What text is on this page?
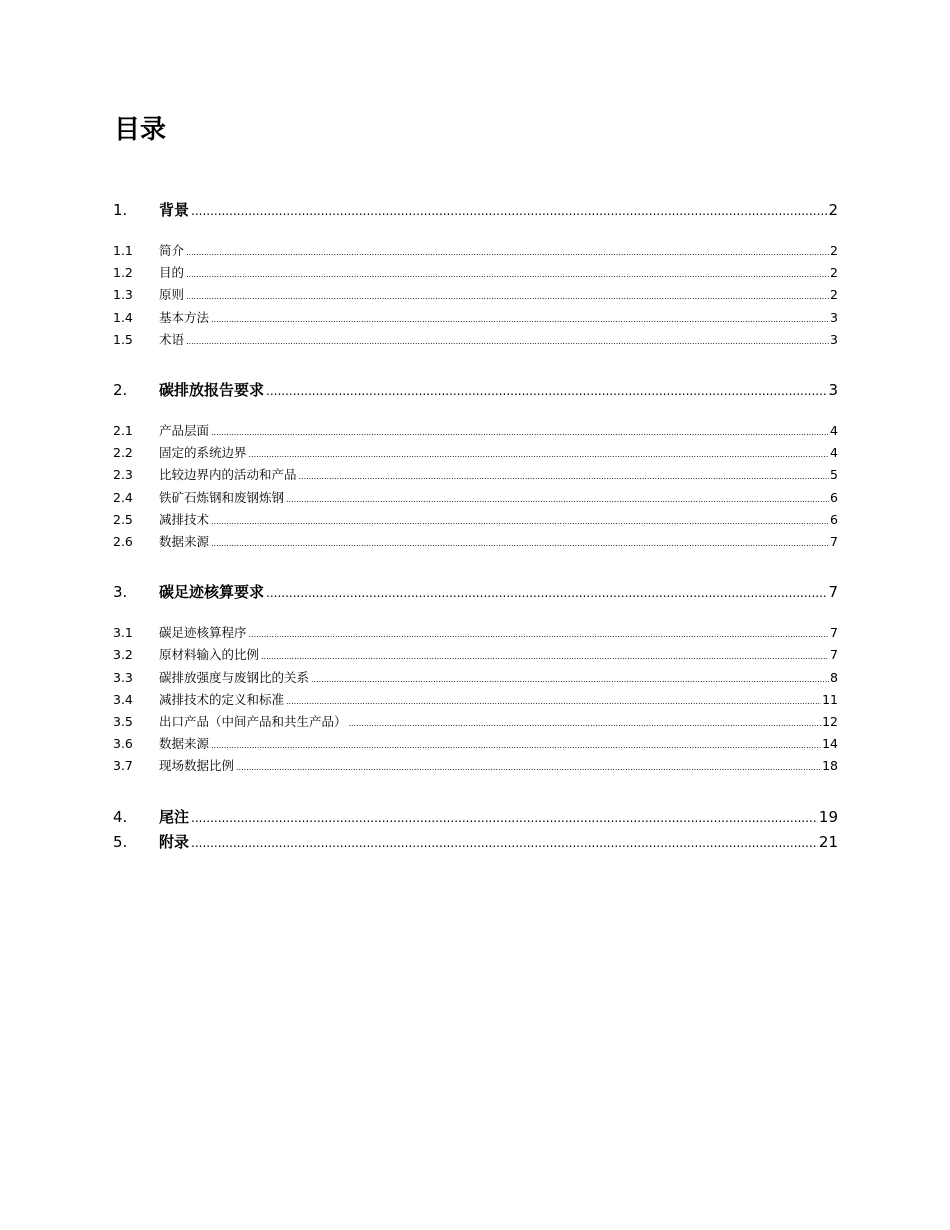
目录
1.	背景 .....	2
1.1	简介 .....	2
1.2	目的 .....	2
1.3	原则 .....	2
1.4	基本方法 .....	3
1.5	术语 .....	3
2.	碳排放报告要求 .....	3
2.1	产品层面 .....	4
2.2	固定的系统边界 .....	4
2.3	比较边界内的活动和产品 .....	5
2.4	铁矿石炼钢和废钢炼钢 .....	6
2.5	减排技术 .....	6
2.6	数据来源 .....	7
3.	碳足迹核算要求 .....	7
3.1	碳足迹核算程序 .....	7
3.2	原材料输入的比例 .....	7
3.3	碳排放强度与废钢比的关系 .....	8
3.4	减排技术的定义和标准 .....	11
3.5	出口产品（中间产品和共生产品） .....	12
3.6	数据来源 .....	14
3.7	现场数据比例 .....	18
4.	尾注 .....	19
5.	附录 .....	21
